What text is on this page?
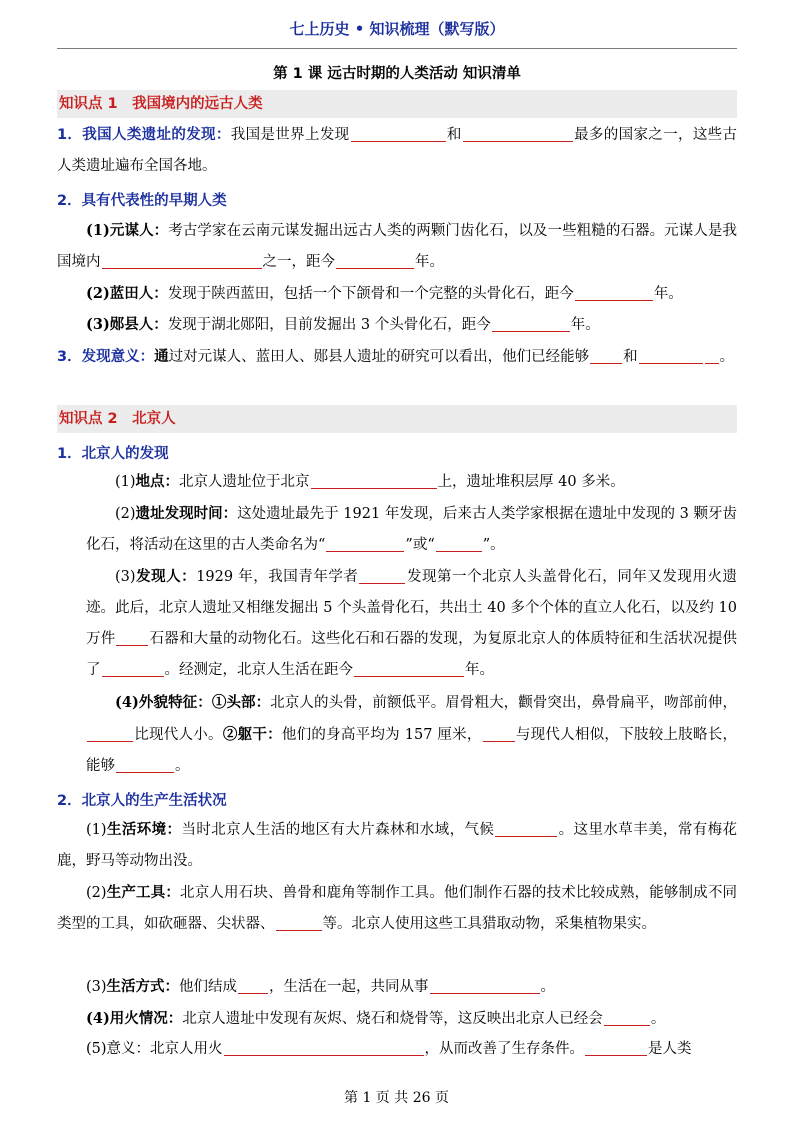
七上历史 • 知识梳理（默写版）
第 1 课 远古时期的人类活动 知识清单
知识点 1　我国境内的远古人类
1．我国人类遗址的发现：我国是世界上发现	和	最多的国家之一，这些古人类遗址遍布全国各地。
2．具有代表性的早期人类
(1)元谋人：考古学家在云南元谋发掘出远古人类的两颗门齿化石，以及一些粗糙的石器。元谋人是我国境内	之一，距今	年。
(2)蓝田人：发现于陕西蓝田，包括一个下颌骨和一个完整的头骨化石，距今	年。
(3)郧县人：发现于湖北郧阳，目前发掘出 3 个头骨化石，距今	年。
3．发现意义：通过对元谋人、蓝田人、郧县人遗址的研究可以看出，他们已经能够 和	。
知识点 2　北京人
1．北京人的发现
(1)地点：北京人遗址位于北京	上，遗址堆积层厚 40 多米。
(2)遗址发现时间：这处遗址最先于 1921 年发现，后来古人类学家根据在遗址中发现的 3 颗牙齿化石，将活动在这里的古人类命名为“	”或“	”。
(3)发现人：1929 年，我国青年学者	发现第一个北京人头盖骨化石，同年又发现用火遗迹。此后，北京人遗址又相继发掘出 5 个头盖骨化石，共出土 40 多个个体的直立人化石，以及约 10 万件 石器和大量的动物化石。这些化石和石器的发现，为复原北京人的体质特征和生活状况提供了	。经测定，北京人生活在距今	年。
(4)外貌特征：①头部：北京人的头骨，前额低平。眉骨粗大，颧骨突出，鼻骨扁平，吻部前伸，比现代人小。②躯干：他们的身高平均为 157 厘米， 与现代人相似，下肢较上肢略长，能够	。
2．北京人的生产生活状况
(1)生活环境：当时北京人生活的地区有大片森林和水域，气候	。这里水草丰美，常有梅花鹿，野马等动物出没。
(2)生产工具：北京人用石块、兽骨和鹿角等制作工具。他们制作石器的技术比较成熟，能够制成不同类型的工具，如砍砸器、尖状器、	等。北京人使用这些工具猎取动物，采集植物果实。
(3)生活方式：他们结成 ，生活在一起，共同从事	。
(4)用火情况：北京人遗址中发现有灰烬、烧石和烧骨等，这反映出北京人已经会	。
(5)意义：北京人用火	，从而改善了生存条件。	是人类
第 1 页 共 26 页
